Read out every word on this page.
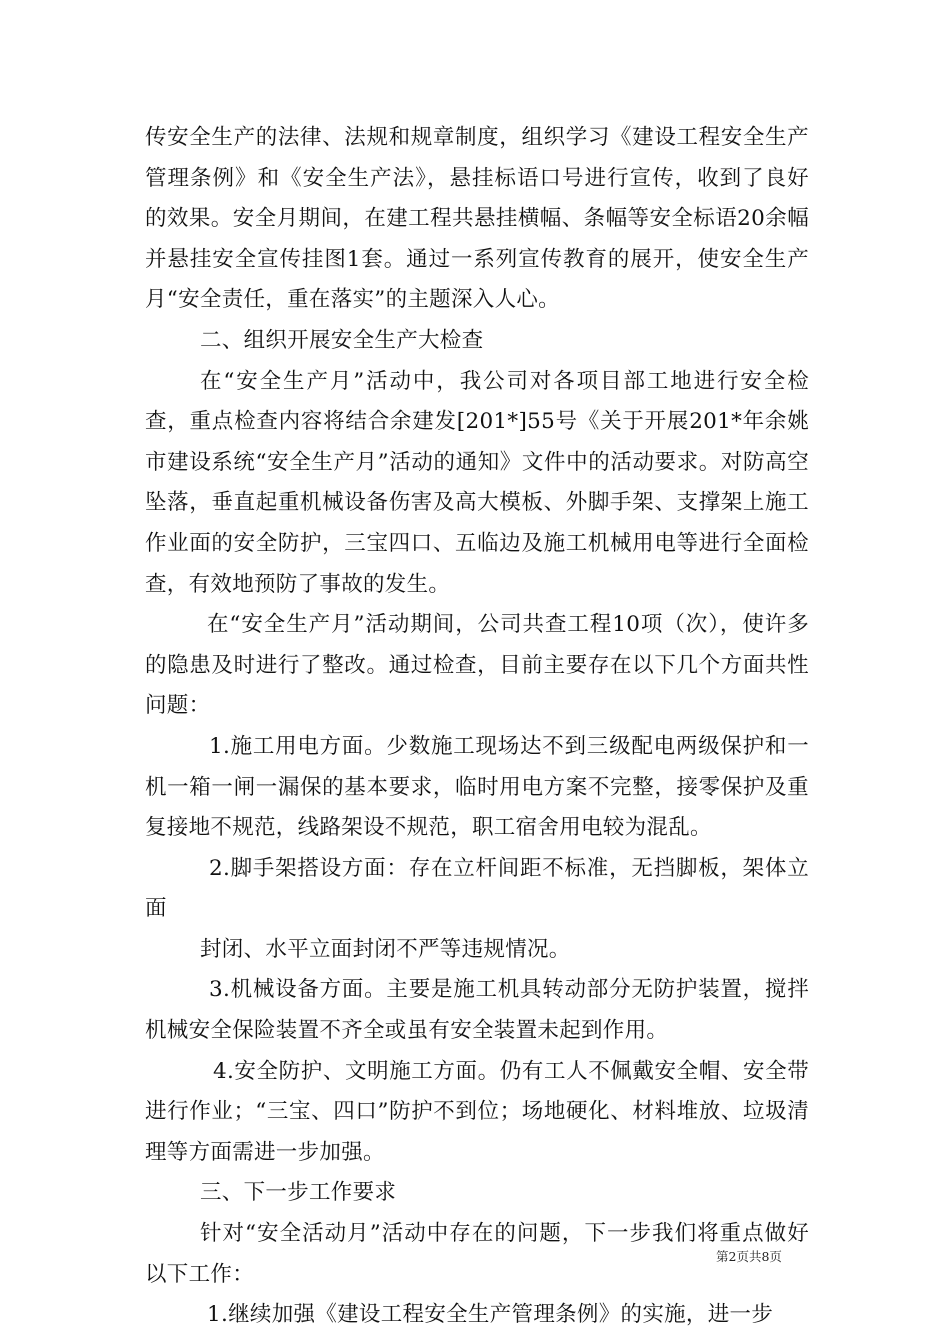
传安全生产的法律、法规和规章制度，组织学习《建设工程安全生产管理条例》和《安全生产法》，悬挂标语口号进行宣传，收到了良好的效果。安全月期间，在建工程共悬挂横幅、条幅等安全标语20余幅并悬挂安全宣传挂图1套。通过一系列宣传教育的展开，使安全生产月“安全责任，重在落实”的主题深入人心。

二、组织开展安全生产大检查

在“安全生产月”活动中，我公司对各项目部工地进行安全检查，重点检查内容将结合余建发[201*]55号《关于开展201*年余姚市建设系统“安全生产月”活动的通知》文件中的活动要求。对防高空坠落，垂直起重机械设备伤害及高大模板、外脚手架、支撑架上施工作业面的安全防护，三宝四口、五临边及施工机械用电等进行全面检查，有效地预防了事故的发生。

在“安全生产月”活动期间，公司共查工程10项（次），使许多的隐患及时进行了整改。通过检查，目前主要存在以下几个方面共性问题：

1.施工用电方面。少数施工现场达不到三级配电两级保护和一机一箱一闸一漏保的基本要求，临时用电方案不完整，接零保护及重复接地不规范，线路架设不规范，职工宿舍用电较为混乱。

2.脚手架搭设方面：存在立杆间距不标准，无挡脚板，架体立面

封闭、水平立面封闭不严等违规情况。

3.机械设备方面。主要是施工机具转动部分无防护装置，搅拌机械安全保险装置不齐全或虽有安全装置未起到作用。

4.安全防护、文明施工方面。仍有工人不佩戴安全帽、安全带进行作业；“三宝、四口”防护不到位；场地硬化、材料堆放、垃圾清理等方面需进一步加强。

三、下一步工作要求

针对“安全活动月”活动中存在的问题，下一步我们将重点做好以下工作：

1.继续加强《建设工程安全生产管理条例》的实施，进一步

第2页共8页
